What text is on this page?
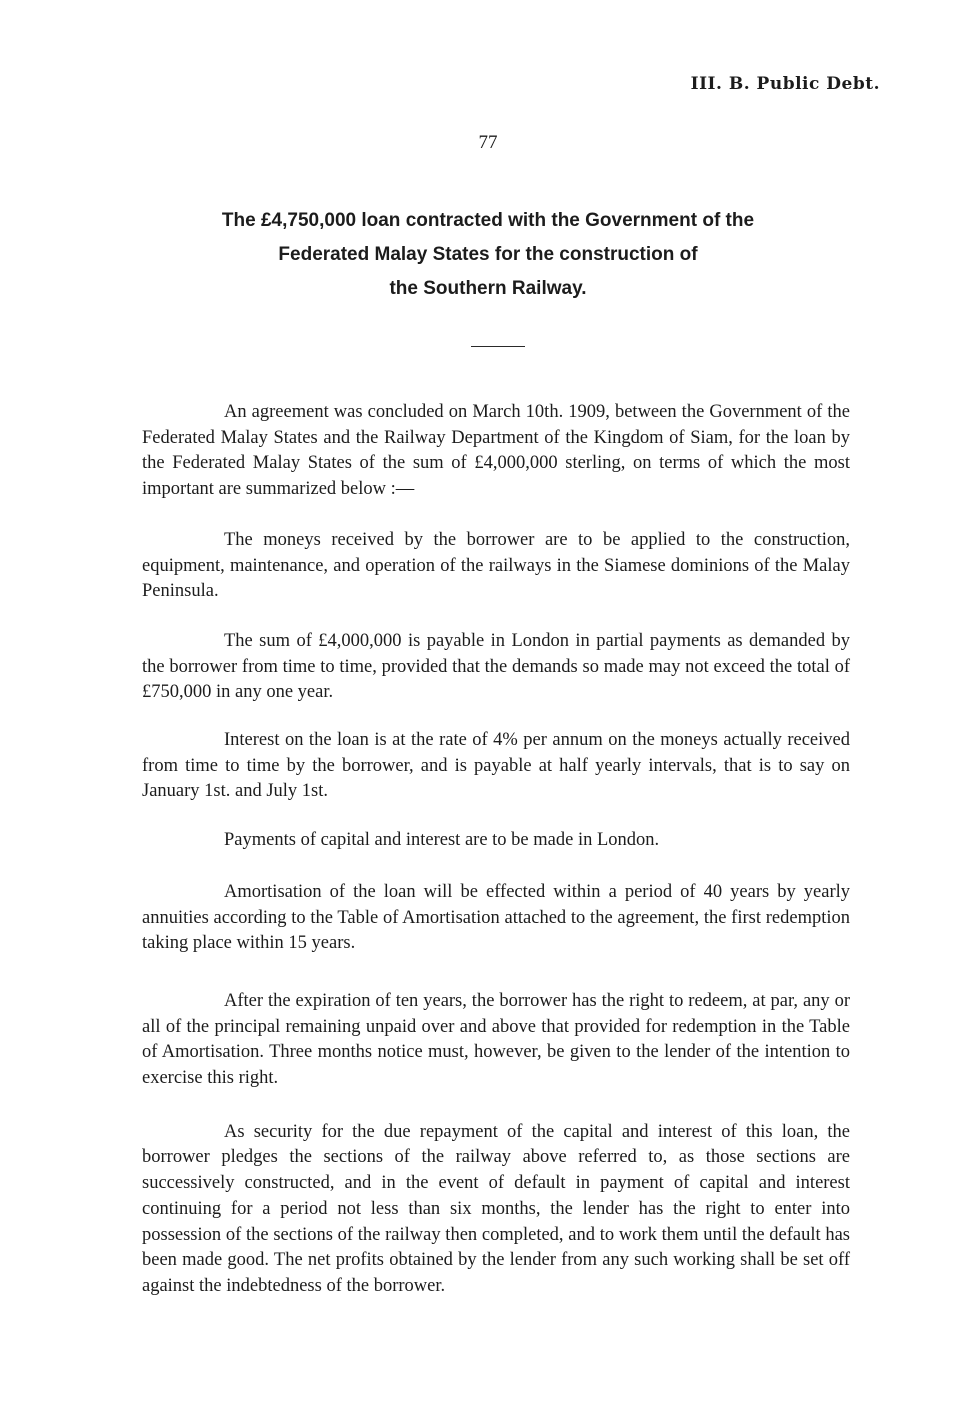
III. B. Public Debt.
77
The £4,750,000 loan contracted with the Government of the
Federated Malay States for the construction of
the Southern Railway.

An agreement was concluded on March 10th. 1909, between the Government of the Federated Malay States and the Railway Department of the Kingdom of Siam, for the loan by the Federated Malay States of the sum of £4,000,000 sterling, on terms of which the most important are summarized below :—

The moneys received by the borrower are to be applied to the construction, equipment, maintenance, and operation of the railways in the Siamese dominions of the Malay Peninsula.

The sum of £4,000,000 is payable in London in partial payments as demanded by the borrower from time to time, provided that the demands so made may not exceed the total of £750,000 in any one year.

Interest on the loan is at the rate of 4% per annum on the moneys actually received from time to time by the borrower, and is payable at half yearly intervals, that is to say on January 1st. and July 1st.

Payments of capital and interest are to be made in London.

Amortisation of the loan will be effected within a period of 40 years by yearly annuities according to the Table of Amortisation attached to the agreement, the first redemption taking place within 15 years.

After the expiration of ten years, the borrower has the right to redeem, at par, any or all of the principal remaining unpaid over and above that provided for redemption in the Table of Amortisation. Three months notice must, however, be given to the lender of the intention to exercise this right.

As security for the due repayment of the capital and interest of this loan, the borrower pledges the sections of the railway above referred to, as those sections are successively constructed, and in the event of default in payment of capital and interest continuing for a period not less than six months, the lender has the right to enter into possession of the sections of the railway then completed, and to work them until the default has been made good. The net profits obtained by the lender from any such working shall be set off against the indebtedness of the borrower.
